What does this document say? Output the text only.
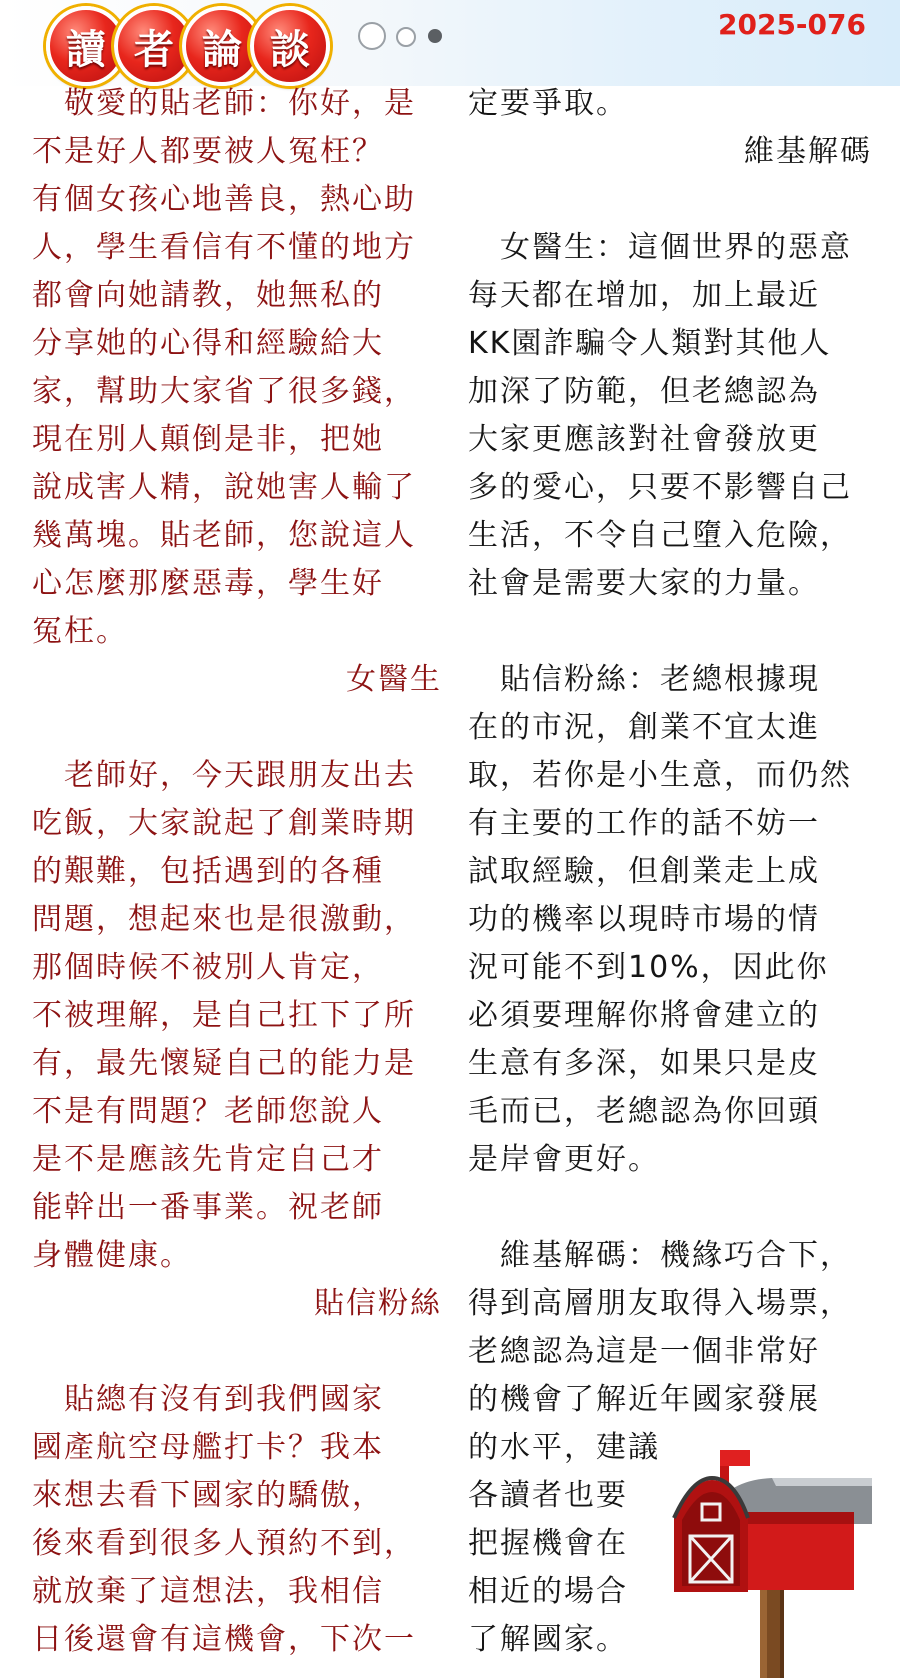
讀 者 論 談
2025-076
敬愛的貼老師：你好，是
不是好人都要被人冤枉？
有個女孩心地善良，熱心助
人，學生看信有不懂的地方
都會向她請教，她無私的
分享她的心得和經驗給大
家，幫助大家省了很多錢，
現在別人顛倒是非，把她
說成害人精，說她害人輸了
幾萬塊。貼老師，您說這人
心怎麼那麼惡毒，學生好
冤枉。
女醫生
老師好，今天跟朋友出去
吃飯，大家說起了創業時期
的艱難，包括遇到的各種
問題，想起來也是很激動，
那個時候不被別人肯定，
不被理解，是自己扛下了所
有，最先懷疑自己的能力是
不是有問題？老師您說人
是不是應該先肯定自己才
能幹出一番事業。祝老師
身體健康。
貼信粉絲
貼總有沒有到我們國家
國產航空母艦打卡？我本
來想去看下國家的驕傲，
後來看到很多人預約不到，
就放棄了這想法，我相信
日後還會有這機會，下次一
定要爭取。
維基解碼
女醫生：這個世界的惡意
每天都在增加，加上最近
KK園詐騙令人類對其他人
加深了防範，但老總認為
大家更應該對社會發放更
多的愛心，只要不影響自己
生活，不令自己墮入危險，
社會是需要大家的力量。
貼信粉絲：老總根據現
在的市況，創業不宜太進
取，若你是小生意，而仍然
有主要的工作的話不妨一
試取經驗，但創業走上成
功的機率以現時市場的情
況可能不到10%，因此你
必須要理解你將會建立的
生意有多深，如果只是皮
毛而已，老總認為你回頭
是岸會更好。
維基解碼：機緣巧合下，
得到高層朋友取得入場票，
老總認為這是一個非常好
的機會了解近年國家發展
的水平，建議
各讀者也要
把握機會在
相近的場合
了解國家。
